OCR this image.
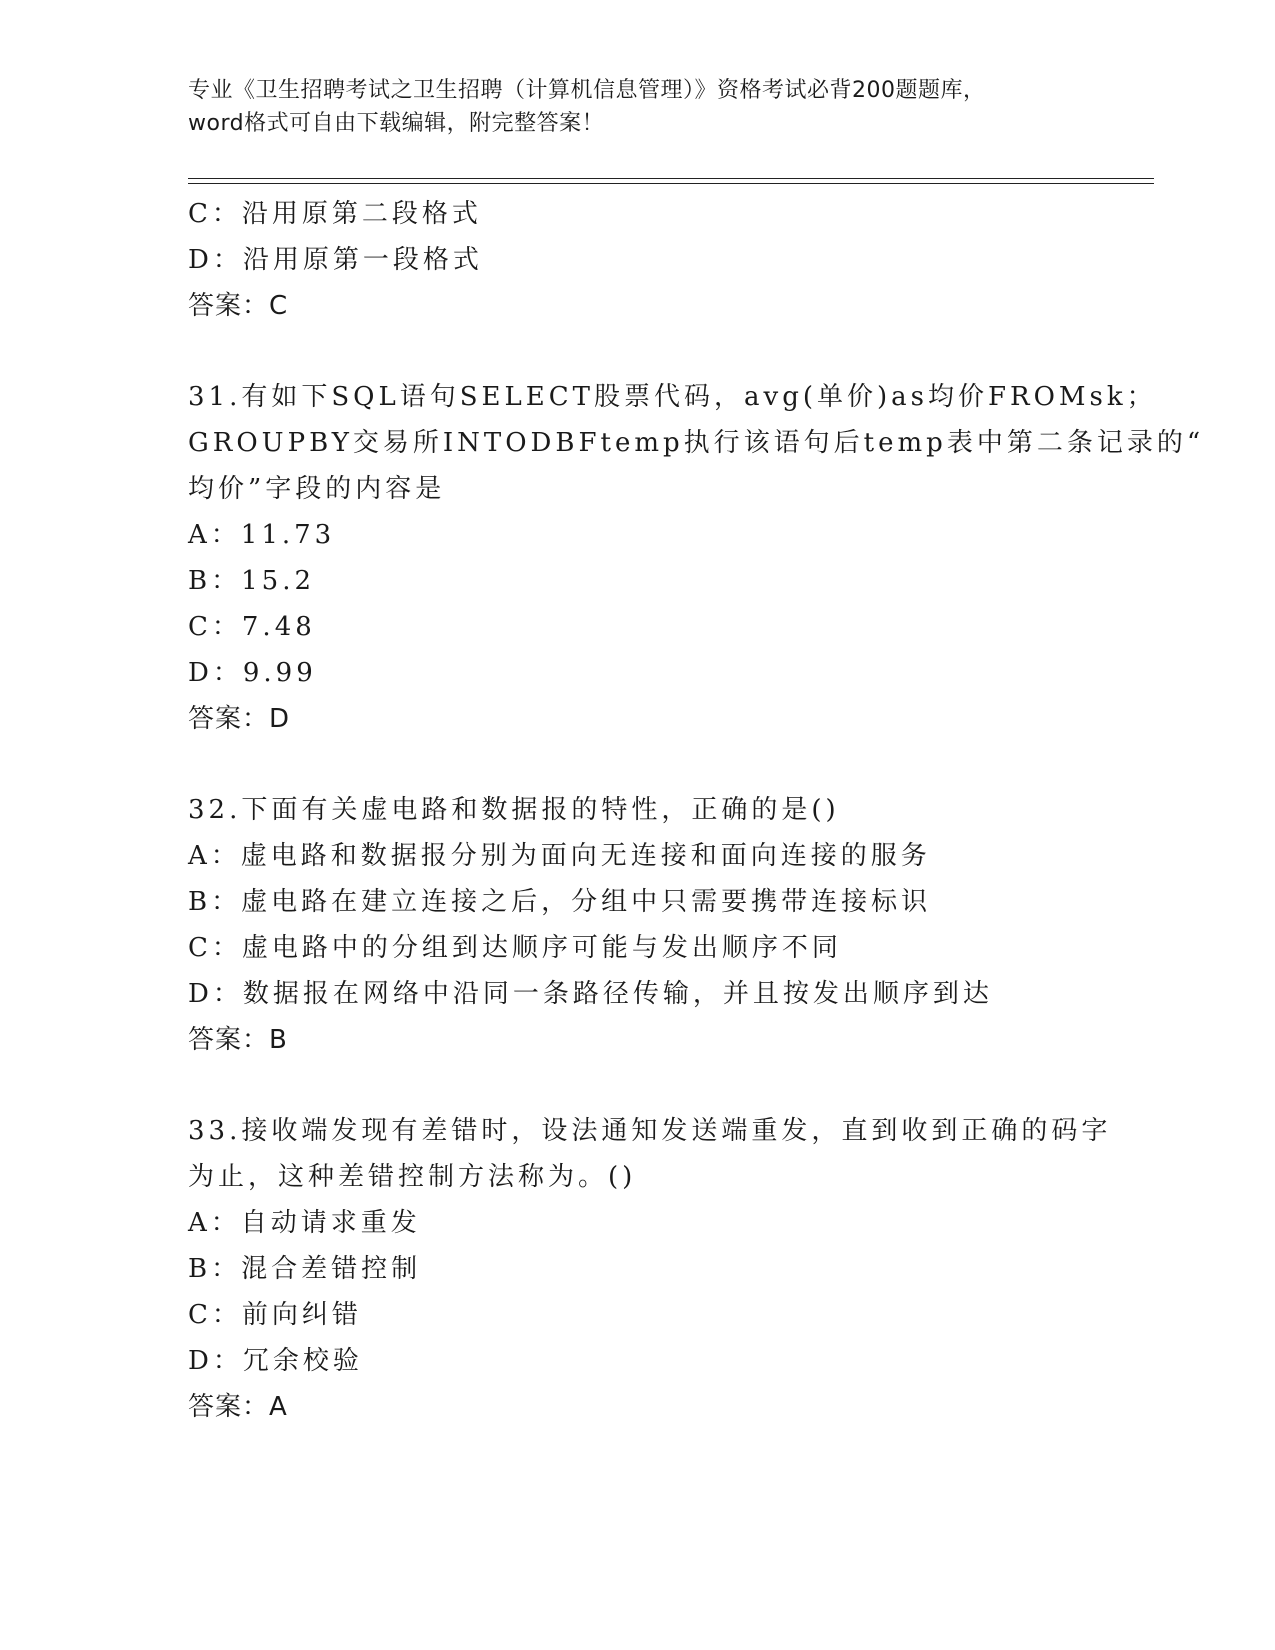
专业《卫生招聘考试之卫生招聘（计算机信息管理）》资格考试必背200题题库，
word格式可自由下载编辑，附完整答案！
C：沿用原第二段格式
D：沿用原第一段格式
答案：C
31.有如下SQL语句SELECT股票代码，avg(单价)as均价FROMsk；
GROUPBY交易所INTODBFtemp执行该语句后temp表中第二条记录的“
均价”字段的内容是
A：11.73
B：15.2
C：7.48
D：9.99
答案：D
32.下面有关虚电路和数据报的特性，正确的是()
A：虚电路和数据报分别为面向无连接和面向连接的服务
B：虚电路在建立连接之后，分组中只需要携带连接标识
C：虚电路中的分组到达顺序可能与发出顺序不同
D：数据报在网络中沿同一条路径传输，并且按发出顺序到达
答案：B
33.接收端发现有差错时，设法通知发送端重发，直到收到正确的码字
为止，这种差错控制方法称为。()
A：自动请求重发
B：混合差错控制
C：前向纠错
D：冗余校验
答案：A
